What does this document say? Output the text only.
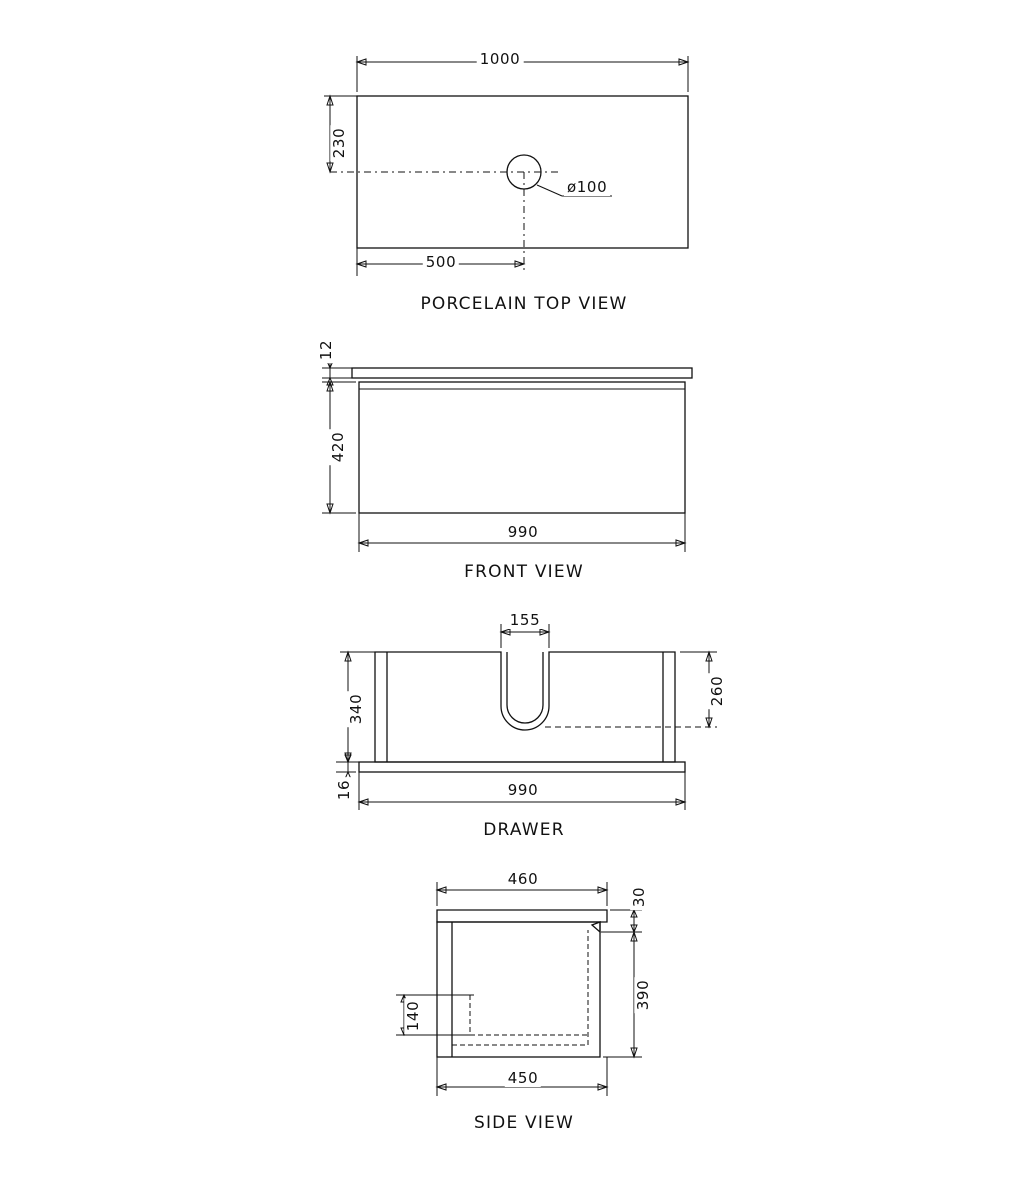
1000
230
ø100
500
PORCELAIN TOP VIEW
12
420
990
FRONT VIEW
155
340
260
16	990
DRAWER
460
30
390
140
450
SIDE VIEW
